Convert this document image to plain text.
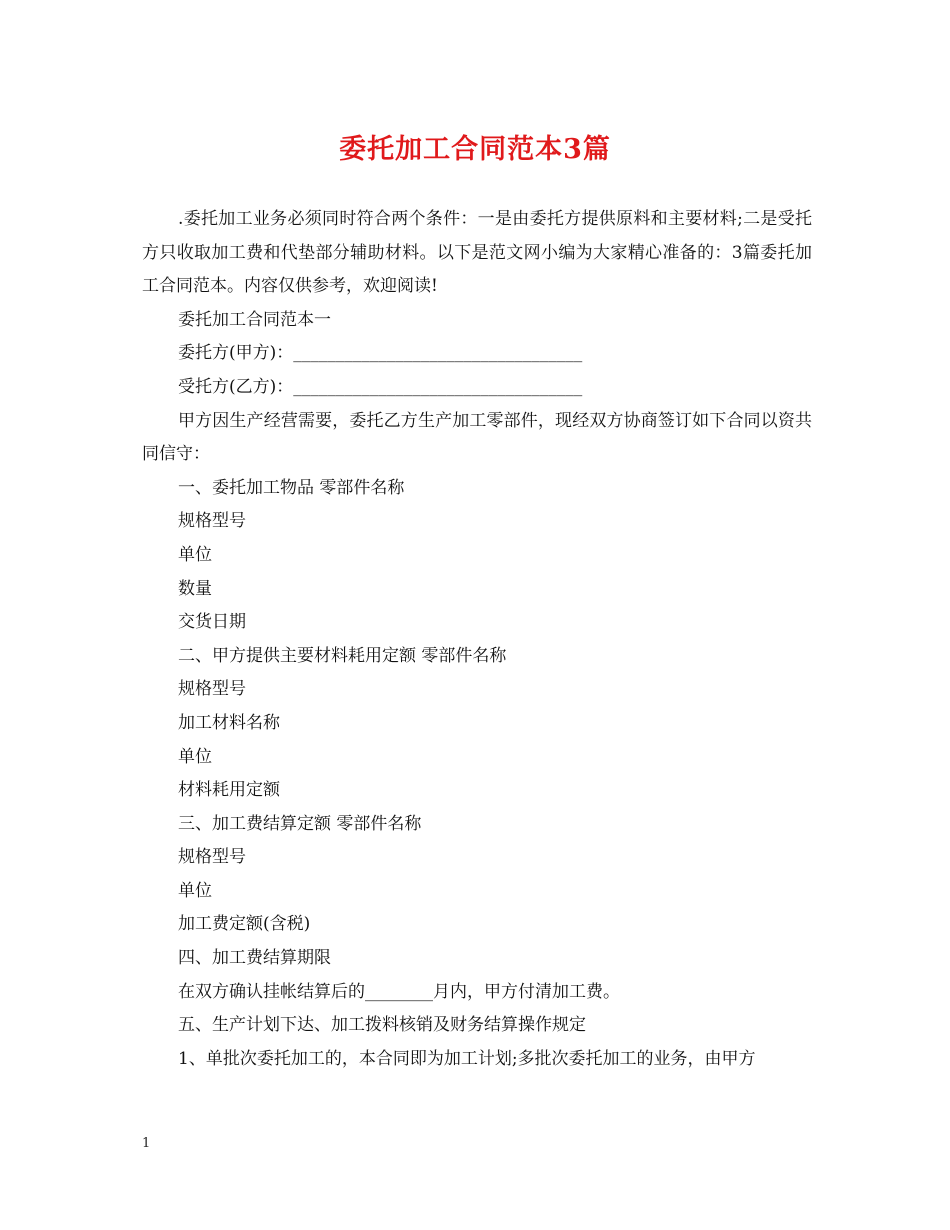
委托加工合同范本3篇

.委托加工业务必须同时符合两个条件：一是由委托方提供原料和主要材料;二是受托方只收取加工费和代垫部分辅助材料。以下是范文网小编为大家精心准备的：3篇委托加工合同范本。内容仅供参考，欢迎阅读!

委托加工合同范本一

委托方(甲方)：__________________________________

受托方(乙方)：__________________________________

甲方因生产经营需要，委托乙方生产加工零部件，现经双方协商签订如下合同以资共同信守：

一、委托加工物品 零部件名称

规格型号

单位

数量

交货日期

二、甲方提供主要材料耗用定额 零部件名称

规格型号

加工材料名称

单位

材料耗用定额

三、加工费结算定额 零部件名称

规格型号

单位

加工费定额(含税)

四、加工费结算期限

在双方确认挂帐结算后的________月内，甲方付清加工费。

五、生产计划下达、加工拨料核销及财务结算操作规定

1、单批次委托加工的，本合同即为加工计划;多批次委托加工的业务，由甲方

1
